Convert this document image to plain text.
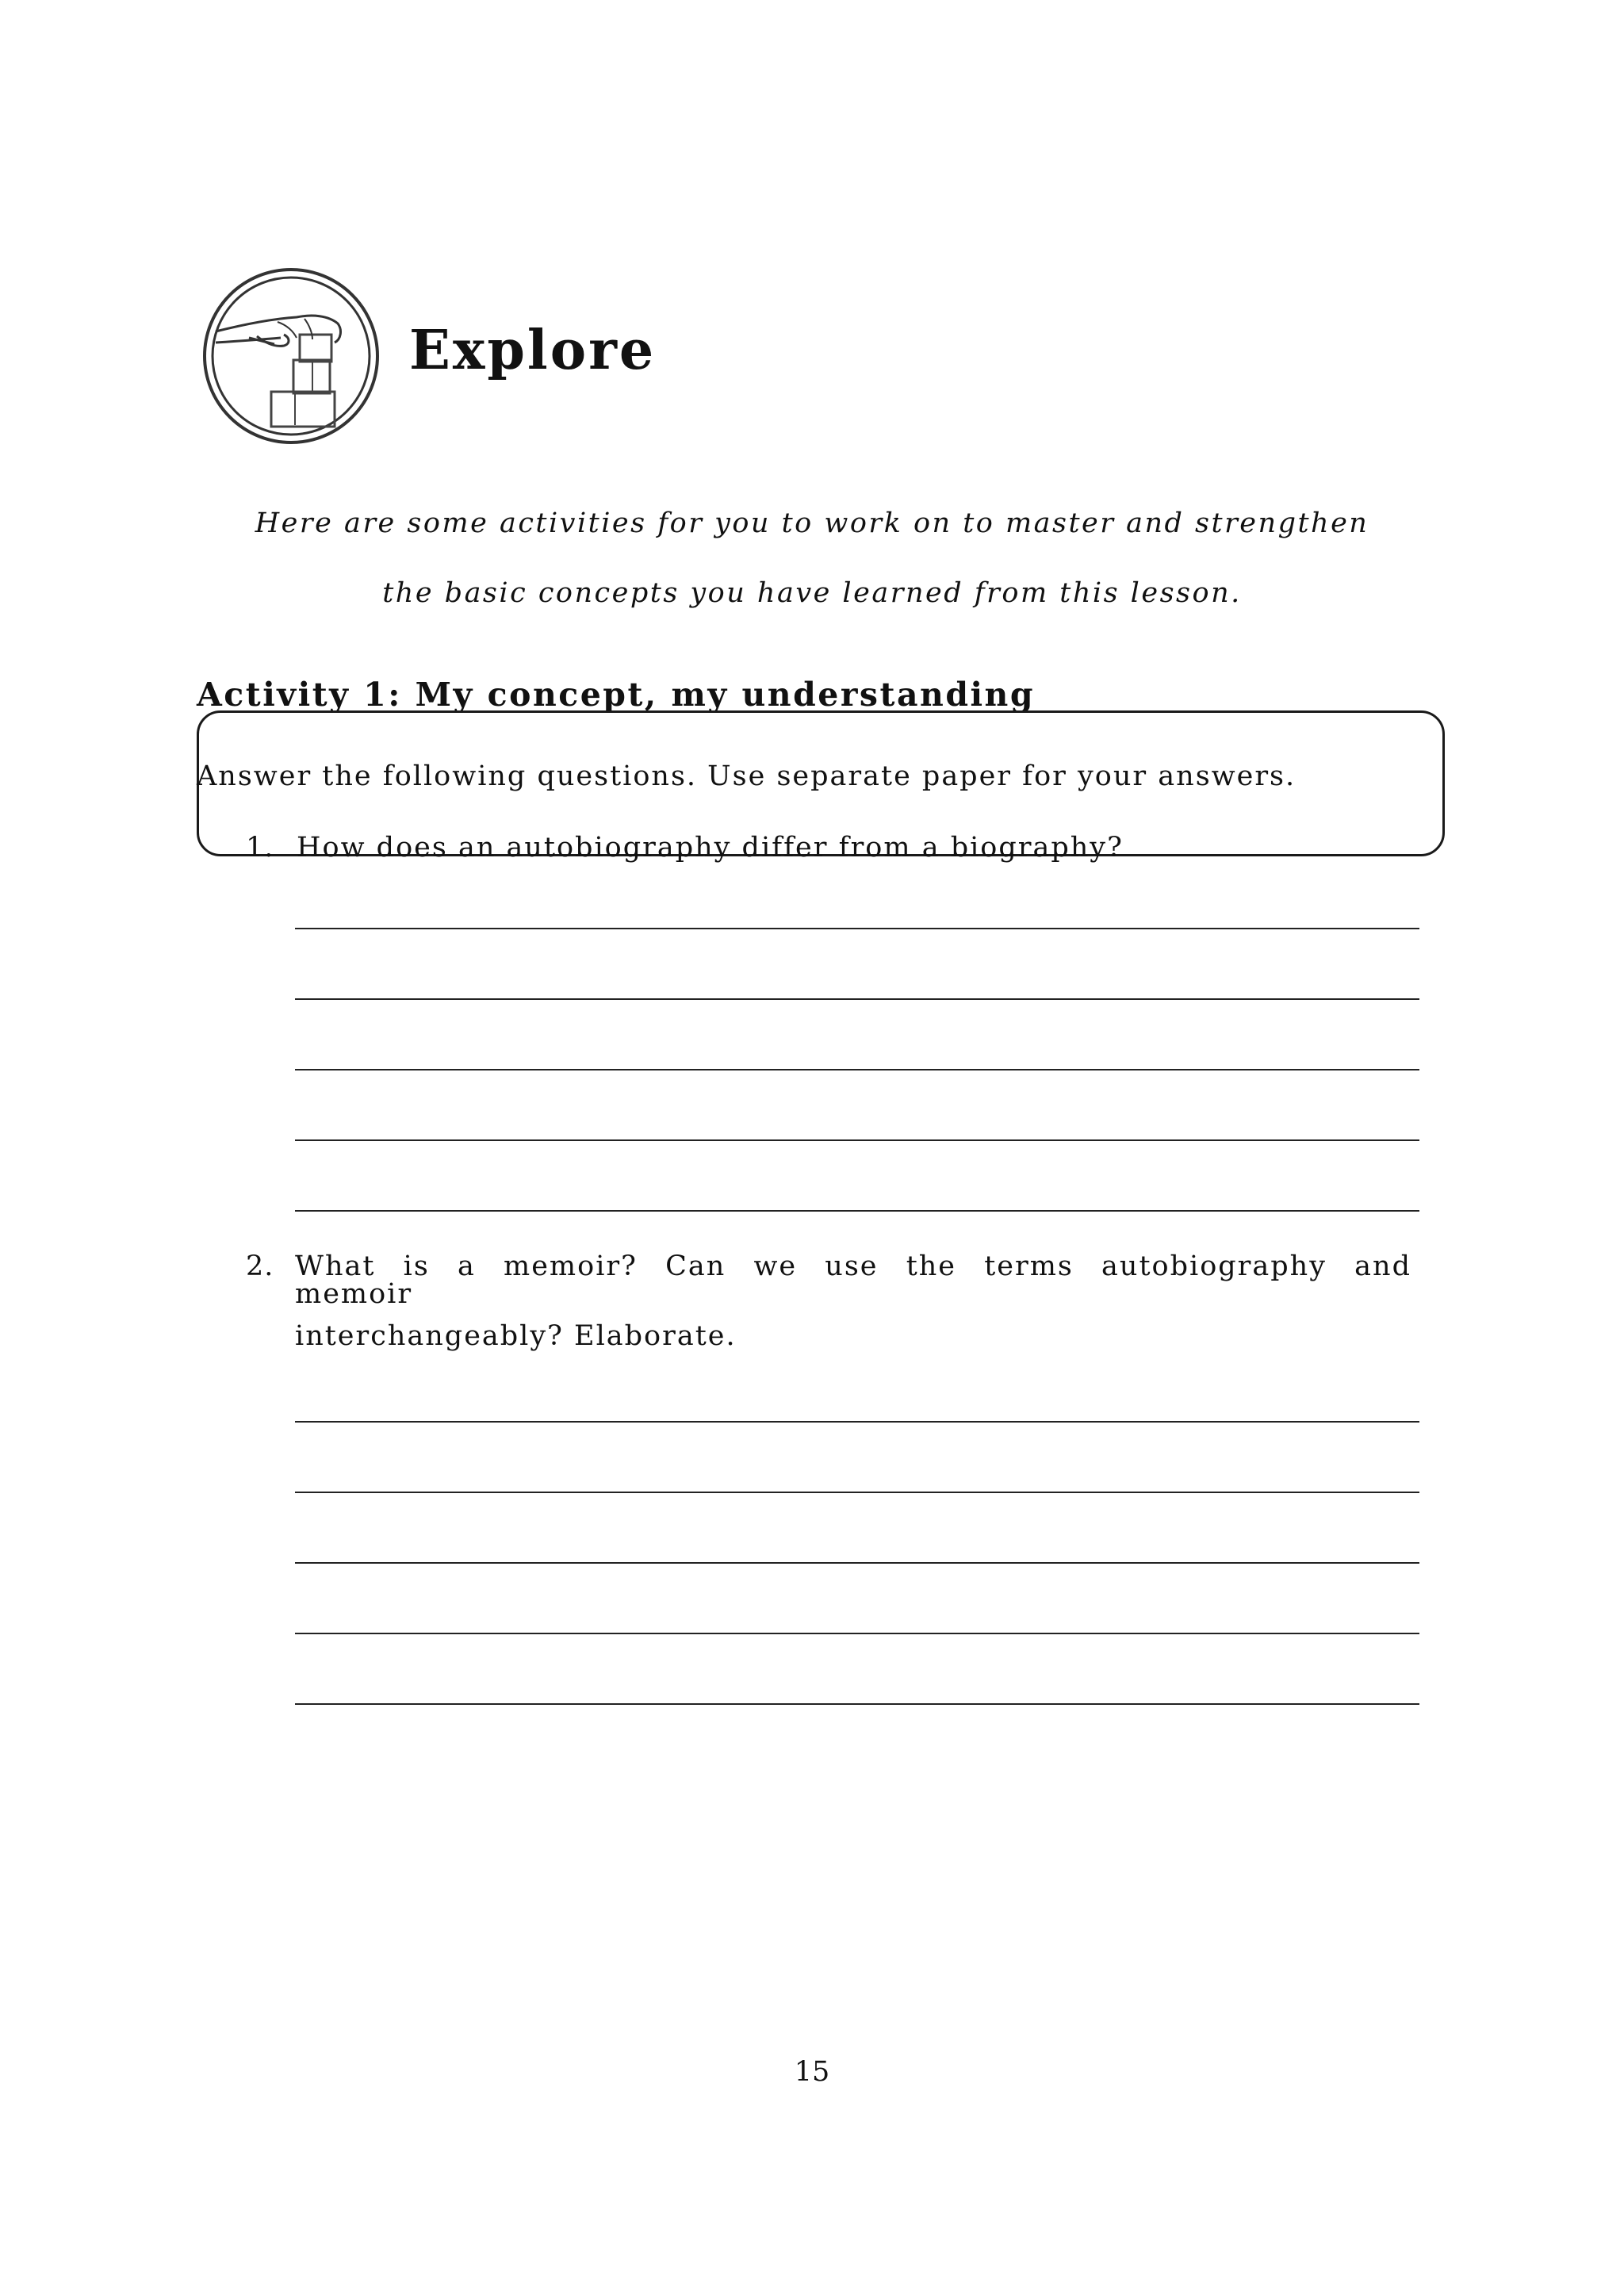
Explore

Here are some activities for you to work on to master and strengthen

the basic concepts you have learned from this lesson.

Activity 1: My concept, my understanding

Answer the following questions. Use separate paper for your answers.

1. How does an autobiography differ from a biography?
2. What is a memoir? Can we use the terms autobiography and memoir

interchangeably? Elaborate.

15
